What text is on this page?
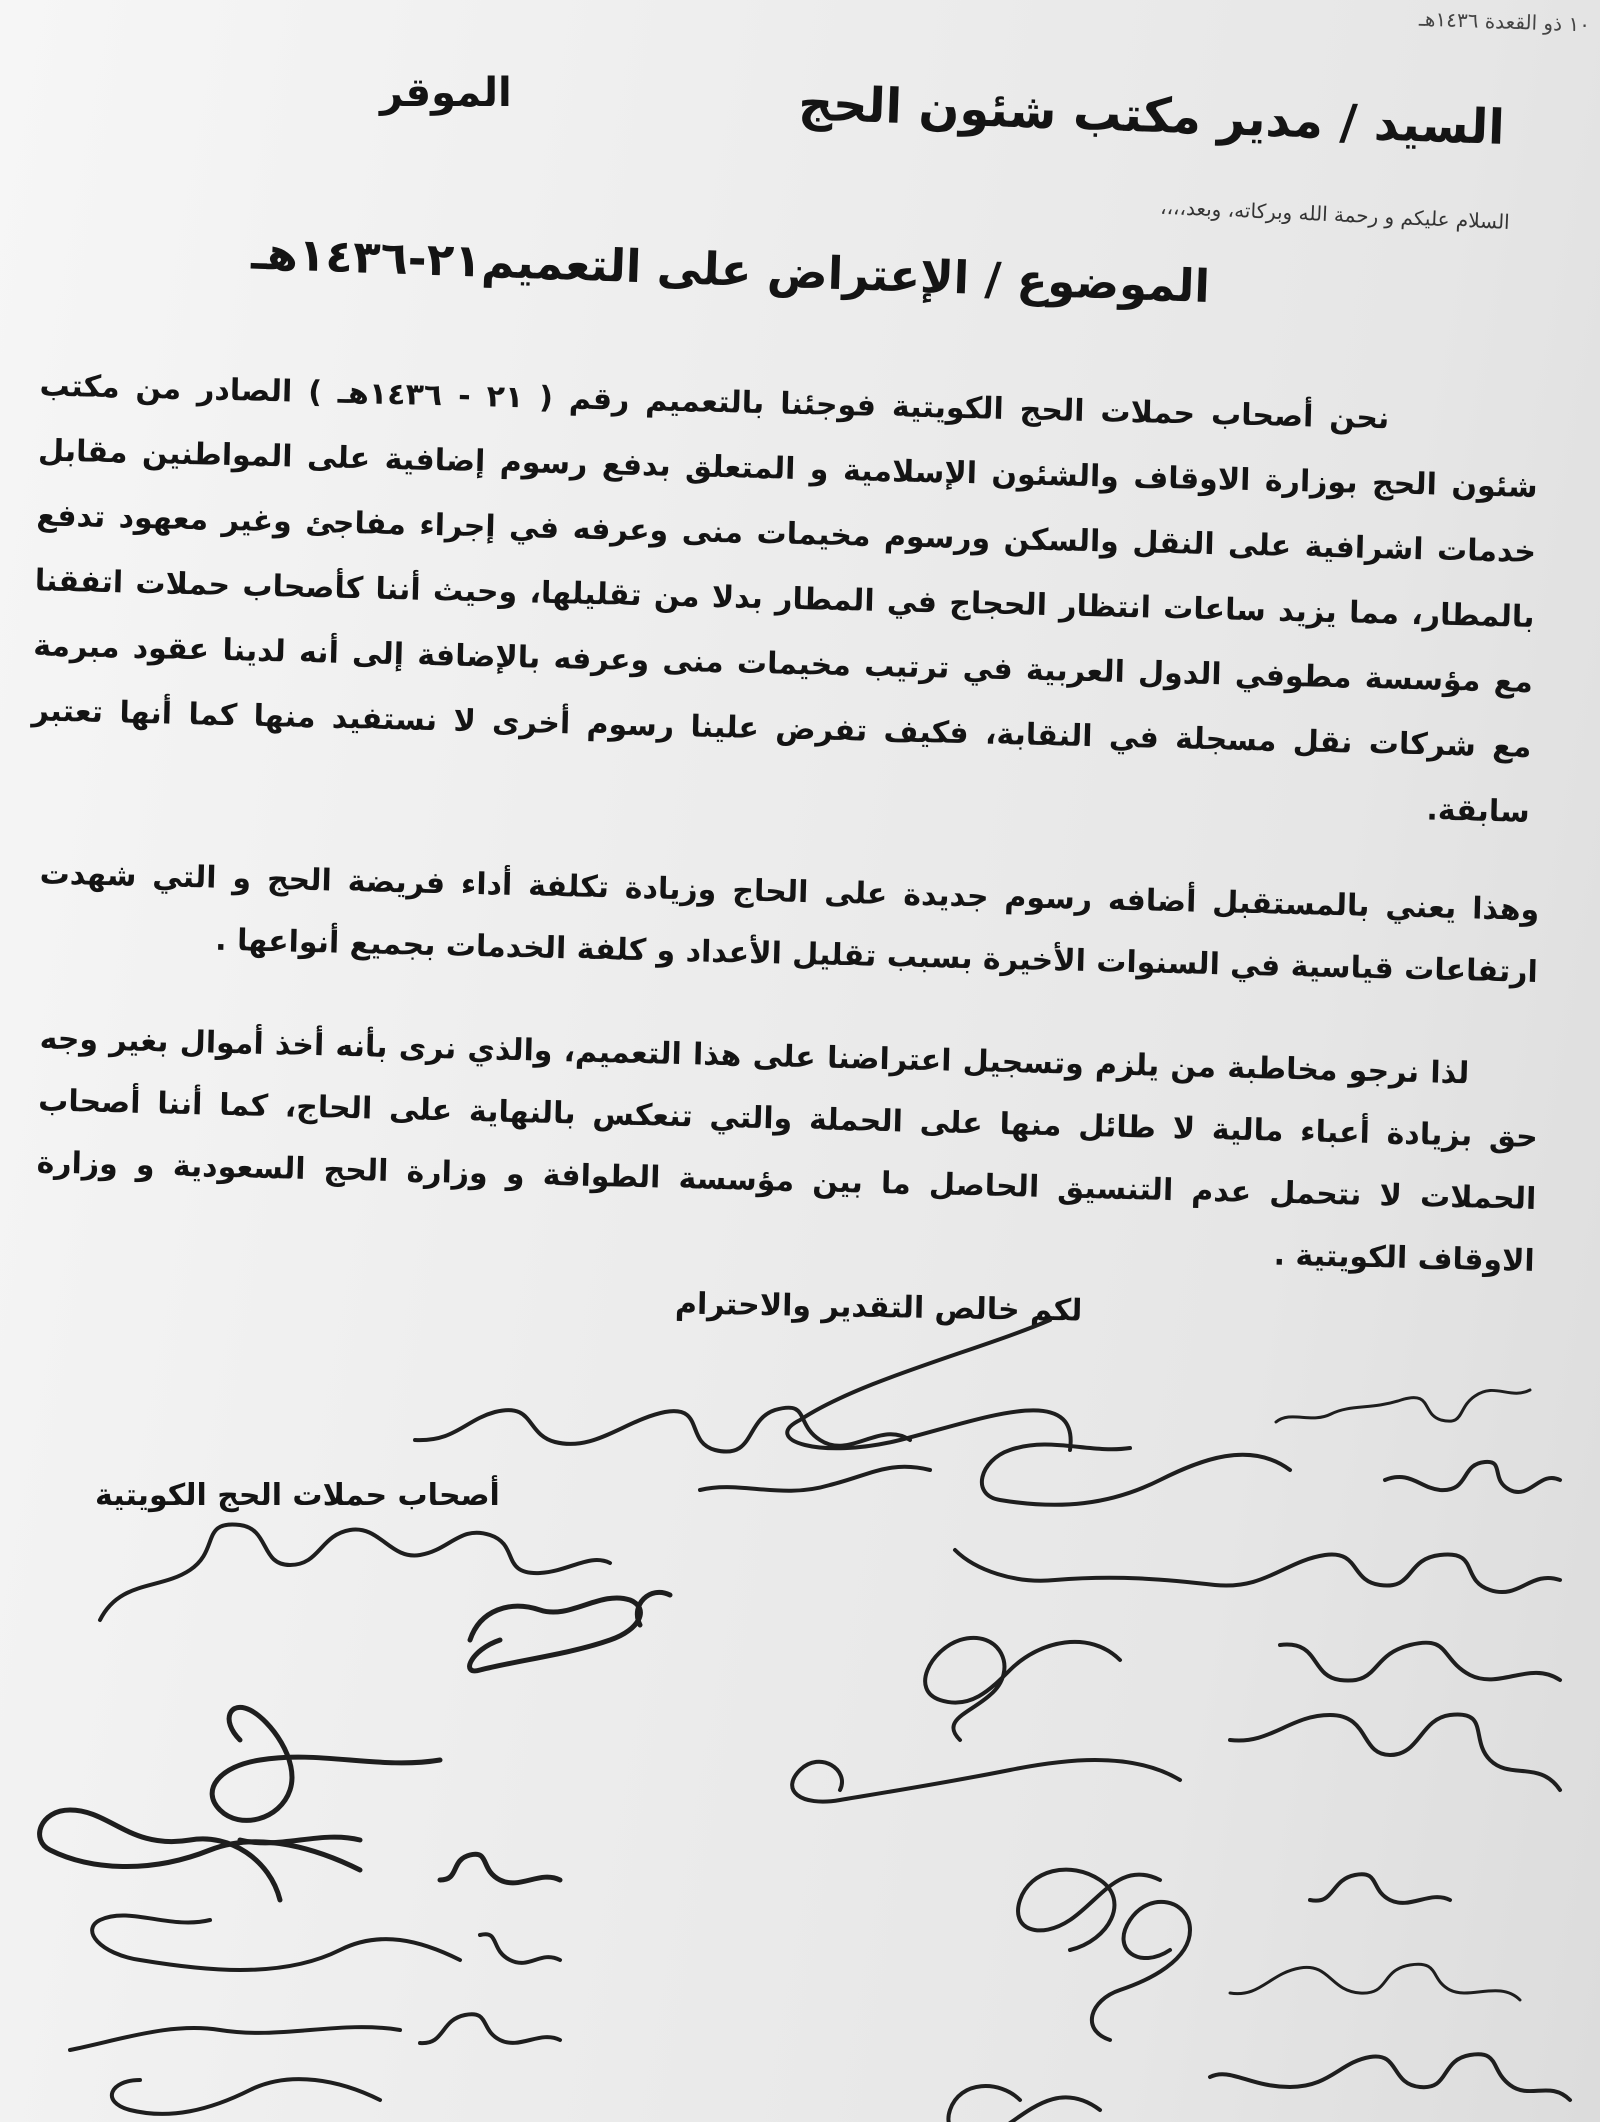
١٠ ذو القعدة ١٤٣٦هـ
الموقر	السيد / مدير مكتب شئون الحج
السلام عليكم و رحمة الله وبركاته، وبعد،،،،
الموضوع / الإعتراض على التعميم٢١-١٤٣٦هـ

نحن أصحاب حملات الحج الكويتية فوجئنا بالتعميم رقم ( ٢١ - ١٤٣٦هـ ) الصادر من مكتب شئون الحج بوزارة الاوقاف والشئون الإسلامية و المتعلق بدفع رسوم إضافية على المواطنين مقابل خدمات اشرافية على النقل والسكن ورسوم مخيمات منى وعرفه في إجراء مفاجئ وغير معهود تدفع بالمطار، مما يزيد ساعات انتظار الحجاج في المطار بدلا من تقليلها، وحيث أننا كأصحاب حملات اتفقنا مع مؤسسة مطوفي الدول العربية في ترتيب مخيمات منى وعرفه بالإضافة إلى أنه لدينا عقود مبرمة مع شركات نقل مسجلة في النقابة، فكيف تفرض علينا رسوم أخرى لا نستفيد منها كما أنها تعتبر سابقة.

وهذا يعني بالمستقبل أضافه رسوم جديدة على الحاج وزيادة تكلفة أداء فريضة الحج و التي شهدت ارتفاعات قياسية في السنوات الأخيرة بسبب تقليل الأعداد و كلفة الخدمات بجميع أنواعها .

لذا نرجو مخاطبة من يلزم وتسجيل اعتراضنا على هذا التعميم، والذي نرى بأنه أخذ أموال بغير وجه حق بزيادة أعباء مالية لا طائل منها على الحملة والتي تنعكس بالنهاية على الحاج، كما أننا أصحاب الحملات لا نتحمل عدم التنسيق الحاصل ما بين مؤسسة الطوافة و وزارة الحج السعودية و وزارة الاوقاف الكويتية .

لكم خالص التقدير والاحترام
أصحاب حملات الحج الكويتية
